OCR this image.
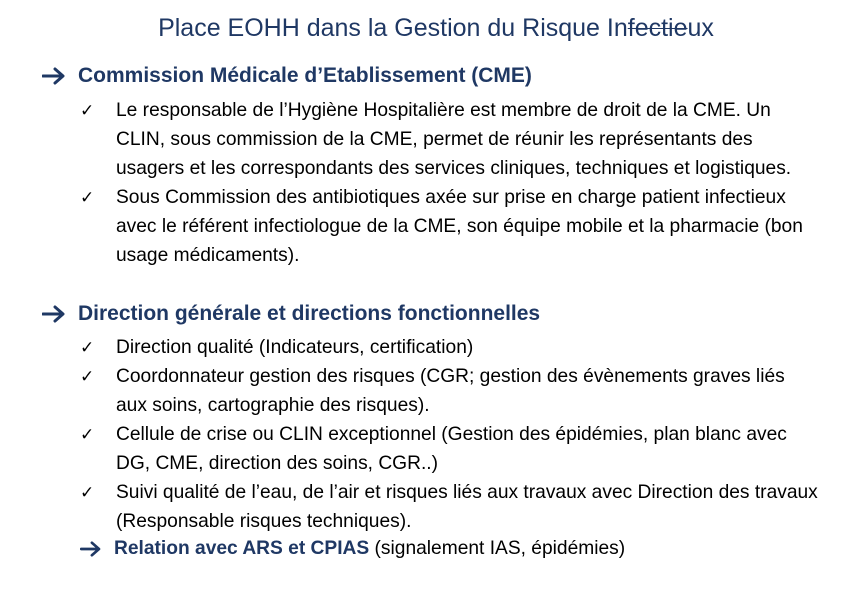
Place EOHH dans la Gestion du Risque Infectieux
Commission Médicale d’Etablissement (CME)
✓ Le responsable de l’Hygiène Hospitalière est membre de droit de la CME. Un CLIN, sous commission de la CME, permet de réunir les représentants des usagers et les correspondants des services cliniques, techniques et logistiques.
✓ Sous Commission des antibiotiques axée sur prise en charge patient infectieux avec le référent infectiologue de la CME, son équipe mobile et la pharmacie (bon usage médicaments).
Direction générale et directions fonctionnelles
✓ Direction qualité (Indicateurs, certification)
✓ Coordonnateur gestion des risques (CGR; gestion des évènements graves liés aux soins, cartographie des risques).
✓ Cellule de crise ou CLIN exceptionnel (Gestion des épidémies, plan blanc avec DG, CME, direction des soins, CGR..)
✓ Suivi qualité de l’eau, de l’air et risques liés aux travaux avec Direction des travaux (Responsable risques techniques).
Relation avec ARS et CPIAS (signalement IAS, épidémies)
